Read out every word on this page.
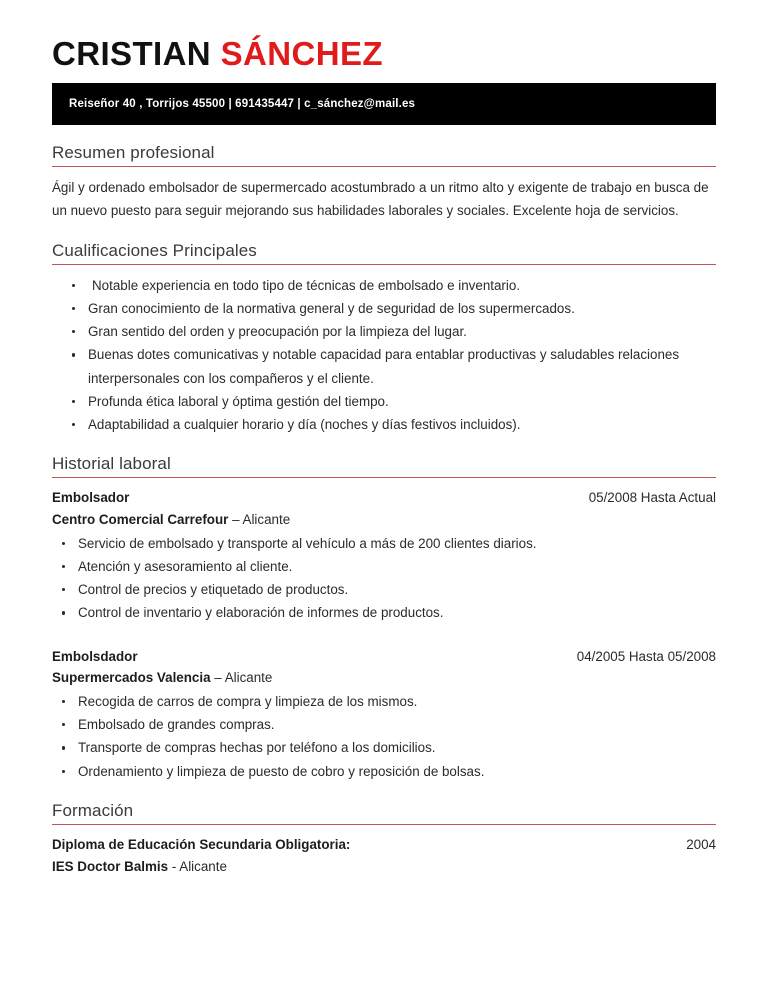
CRISTIAN SÁNCHEZ
Reiseñor 40 , Torrijos 45500 | 691435447 | c_sánchez@mail.es
Resumen profesional
Ágil y ordenado embolsador de supermercado acostumbrado a un ritmo alto y exigente de trabajo en busca de un nuevo puesto para seguir mejorando sus habilidades laborales y sociales. Excelente hoja de servicios.
Cualificaciones Principales
Notable experiencia en todo tipo de técnicas de embolsado e inventario.
Gran conocimiento de la normativa general y de seguridad de los supermercados.
Gran sentido del orden y preocupación por la limpieza del lugar.
Buenas dotes comunicativas y notable capacidad para entablar productivas y saludables relaciones interpersonales con los compañeros y el cliente.
Profunda ética laboral y óptima gestión del tiempo.
Adaptabilidad a cualquier horario y día (noches y días festivos incluidos).
Historial laboral
Embolsador	05/2008 Hasta Actual
Centro Comercial Carrefour – Alicante
Servicio de embolsado y transporte al vehículo a más de 200 clientes diarios.
Atención y asesoramiento al cliente.
Control de precios y etiquetado de productos.
Control de inventario y elaboración de informes de productos.
Embolsdador	04/2005 Hasta 05/2008
Supermercados Valencia – Alicante
Recogida de carros de compra y limpieza de los mismos.
Embolsado de grandes compras.
Transporte de compras hechas por teléfono a los domicilios.
Ordenamiento y limpieza de puesto de cobro y reposición de bolsas.
Formación
Diploma de Educación Secundaria Obligatoria:	2004
IES Doctor Balmis - Alicante
